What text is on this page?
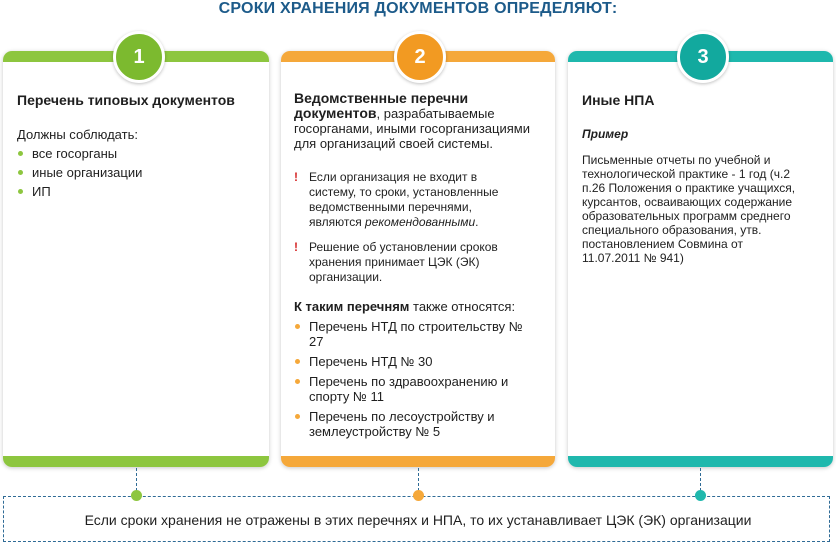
СРОКИ ХРАНЕНИЯ ДОКУМЕНТОВ ОПРЕДЕЛЯЮТ:
Перечень типовых документов
Должны соблюдать:
все госорганы
иные организации
ИП
Ведомственные перечни документов, разрабатываемые госорганами, иными госорганизациями для организаций своей системы.
! Если организация не входит в систему, то сроки, установленные ведомственными перечнями, являются рекомендованными.
! Решение об установлении сроков хранения принимает ЦЭК (ЭК) организации.
К таким перечням также относятся:
Перечень НТД по строительству № 27
Перечень НТД № 30
Перечень по здравоохранению и спорту № 11
Перечень по лесоустройству и землеустройству № 5
Иные НПА
Пример
Письменные отчеты по учебной и технологической практике - 1 год (ч.2 п.26 Положения о практике учащихся, курсантов, осваивающих содержание образовательных программ среднего специального образования, утв. постановлением Совмина от 11.07.2011 № 941)
1	2	3
Если сроки хранения не отражены в этих перечнях и НПА, то их устанавливает ЦЭК (ЭК) организации
